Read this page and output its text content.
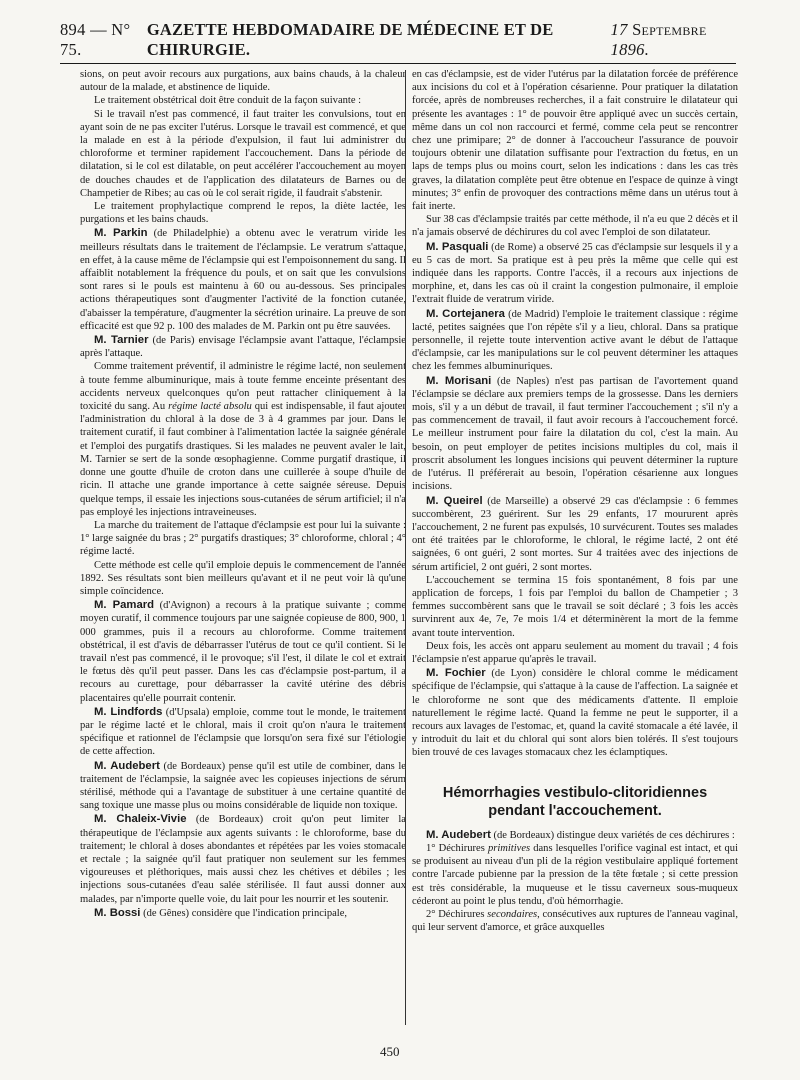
894 — N° 75.
GAZETTE HEBDOMADAIRE DE MÉDECINE ET DE CHIRURGIE.
17 Septembre 1896.

sions, on peut avoir recours aux purgations, aux bains chauds, à la chaleur autour de la malade, et abstinence de liquide.

Le traitement obstétrical doit être conduit de la façon suivante :

Si le travail n'est pas commencé, il faut traiter les convulsions, tout en ayant soin de ne pas exciter l'utérus. Lorsque le travail est commencé, et que la malade en est à la période d'expulsion, il faut lui administrer du chloroforme et terminer rapidement l'accouchement. Dans la période de dilatation, si le col est dilatable, on peut accélérer l'accouchement au moyen de douches chaudes et de l'application des dilatateurs de Barnes ou de Champetier de Ribes; au cas où le col serait rigide, il faudrait s'abstenir.

Le traitement prophylactique comprend le repos, la diète lactée, les purgations et les bains chauds.

M. Parkin (de Philadelphie) a obtenu avec le veratrum viride les meilleurs résultats dans le traitement de l'éclampsie. Le veratrum s'attaque, en effet, à la cause même de l'éclampsie qui est l'empoisonnement du sang. Il affaiblit notablement la fréquence du pouls, et on sait que les convulsions sont rares si le pouls est maintenu à 60 ou au-dessous. Ses principales actions thérapeutiques sont d'augmenter l'activité de la fonction cutanée, d'abaisser la température, d'augmenter la sécrétion urinaire. La preuve de son efficacité est que 92 p. 100 des malades de M. Parkin ont pu être sauvées.

M. Tarnier (de Paris) envisage l'éclampsie avant l'attaque, l'éclampsie après l'attaque.

Comme traitement préventif, il administre le régime lacté, non seulement à toute femme albuminurique, mais à toute femme enceinte présentant des accidents nerveux quelconques qu'on peut rattacher cliniquement à la toxicité du sang. Au régime lacté absolu qui est indispensable, il faut ajouter l'administration du chloral à la dose de 3 à 4 grammes par jour. Dans le traitement curatif, il faut combiner à l'alimentation lactée la saignée générale et l'emploi des purgatifs drastiques. Si les malades ne peuvent avaler le lait, M. Tarnier se sert de la sonde œsophagienne. Comme purgatif drastique, il donne une goutte d'huile de croton dans une cuillerée à soupe d'huile de ricin. Il attache une grande importance à cette saignée séreuse. Depuis quelque temps, il essaie les injections sous-cutanées de sérum artificiel; il n'a pas employé les injections intraveineuses.

La marche du traitement de l'attaque d'éclampsie est pour lui la suivante : 1° large saignée du bras ; 2° purgatifs drastiques; 3° chloroforme, chloral ; 4° régime lacté.

Cette méthode est celle qu'il emploie depuis le commencement de l'année 1892. Ses résultats sont bien meilleurs qu'avant et il ne peut voir là qu'une simple coïncidence.

M. Pamard (d'Avignon) a recours à la pratique suivante ; comme moyen curatif, il commence toujours par une saignée copieuse de 800, 900, 1 000 grammes, puis il a recours au chloroforme. Comme traitement obstétrical, il est d'avis de débarrasser l'utérus de tout ce qu'il contient. Si le travail n'est pas commencé, il le provoque; s'il l'est, il dilate le col et extrait le fœtus dès qu'il peut passer. Dans les cas d'éclampsie post-partum, il a recours au curettage, pour débarrasser la cavité utérine des débris placentaires qu'elle pourrait contenir.

M. Lindfords (d'Upsala) emploie, comme tout le monde, le traitement par le régime lacté et le chloral, mais il croit qu'on n'aura le traitement spécifique et rationnel de l'éclampsie que lorsqu'on sera fixé sur l'étiologie de cette affection.

M. Audebert (de Bordeaux) pense qu'il est utile de combiner, dans le traitement de l'éclampsie, la saignée avec les copieuses injections de sérum stérilisé, méthode qui a l'avantage de substituer à une certaine quantité de sang toxique une masse plus ou moins considérable de liquide non toxique.

M. Chaleix-Vivie (de Bordeaux) croit qu'on peut limiter la thérapeutique de l'éclampsie aux agents suivants : le chloroforme, base du traitement; le chloral à doses abondantes et répétées par les voies stomacale et rectale ; la saignée qu'il faut pratiquer non seulement sur les femmes vigoureuses et pléthoriques, mais aussi chez les chétives et débiles ; les injections sous-cutanées d'eau salée stérilisée. Il faut aussi donner aux malades, par n'importe quelle voie, du lait pour les nourrir et les soutenir.

M. Bossi (de Gênes) considère que l'indication principale,

en cas d'éclampsie, est de vider l'utérus par la dilatation forcée de préférence aux incisions du col et à l'opération césarienne. Pour pratiquer la dilatation forcée, après de nombreuses recherches, il a fait construire le dilatateur qui présente les avantages : 1° de pouvoir être appliqué avec un succès certain, même dans un col non raccourci et fermé, comme cela peut se rencontrer chez une primipare; 2° de donner à l'accoucheur l'assurance de pouvoir toujours obtenir une dilatation suffisante pour l'extraction du fœtus, en un laps de temps plus ou moins court, selon les indications : dans les cas très graves, la dilatation complète peut être obtenue en l'espace de quinze à vingt minutes; 3° enfin de provoquer des contractions même dans un utérus tout à fait inerte.

Sur 38 cas d'éclampsie traités par cette méthode, il n'a eu que 2 décès et il n'a jamais observé de déchirures du col avec l'emploi de son dilatateur.

M. Pasquali (de Rome) a observé 25 cas d'éclampsie sur lesquels il y a eu 5 cas de mort. Sa pratique est à peu près la même que celle qui est indiquée dans les rapports. Contre l'accès, il a recours aux injections de morphine, et, dans les cas où il craint la congestion pulmonaire, il emploie l'extrait fluide de veratrum viride.

M. Cortejanera (de Madrid) l'emploie le traitement classique : régime lacté, petites saignées que l'on répète s'il y a lieu, chloral. Dans sa pratique personnelle, il rejette toute intervention active avant le début de l'attaque d'éclampsie, car les manipulations sur le col peuvent déterminer les attaques chez les femmes albuminuriques.

M. Morisani (de Naples) n'est pas partisan de l'avortement quand l'éclampsie se déclare aux premiers temps de la grossesse. Dans les derniers mois, s'il y a un début de travail, il faut terminer l'accouchement ; s'il n'y a pas commencement de travail, il faut avoir recours à l'accouchement forcé. Le meilleur instrument pour faire la dilatation du col, c'est la main. Au besoin, on peut employer de petites incisions multiples du col, mais il proscrit absolument les longues incisions qui peuvent déterminer la rupture de l'utérus. Il préférerait au besoin, l'opération césarienne aux longues incisions.

M. Queirel (de Marseille) a observé 29 cas d'éclampsie : 6 femmes succombèrent, 23 guérirent. Sur les 29 enfants, 17 moururent après l'accouchement, 2 ne furent pas expulsés, 10 survécurent. Toutes ses malades ont été traitées par le chloroforme, le chloral, le régime lacté, 2 ont été saignées, 6 ont guéri, 2 sont mortes. Sur 4 traitées avec des injections de sérum artificiel, 2 ont guéri, 2 sont mortes.

L'accouchement se termina 15 fois spontanément, 8 fois par une application de forceps, 1 fois par l'emploi du ballon de Champetier ; 3 femmes succombèrent sans que le travail se soit déclaré ; 3 fois les accès survinrent aux 4e, 7e, 7e mois 1/4 et déterminèrent la mort de la femme avant toute intervention.

Deux fois, les accès ont apparu seulement au moment du travail ; 4 fois l'éclampsie n'est apparue qu'après le travail.

M. Fochier (de Lyon) considère le chloral comme le médicament spécifique de l'éclampsie, qui s'attaque à la cause de l'affection. La saignée et le chloroforme ne sont que des médicaments d'attente. Il emploie naturellement le régime lacté. Quand la femme ne peut le supporter, il a recours aux lavages de l'estomac, et, quand la cavité stomacale a été lavée, il y introduit du lait et du chloral qui sont alors bien tolérés. Il s'est toujours bien trouvé de ces lavages stomacaux chez les éclamptiques.

Hémorrhagies vestibulo-clitoridiennes
pendant l'accouchement.

M. Audebert (de Bordeaux) distingue deux variétés de ces déchirures :

1° Déchirures primitives dans lesquelles l'orifice vaginal est intact, et qui se produisent au niveau d'un pli de la région vestibulaire appliqué fortement contre l'arcade pubienne par la pression de la tête fœtale ; si cette pression est très considérable, la muqueuse et le tissu caverneux sous-muqueux céderont au point le plus tendu, d'où hémorrhagie.

2° Déchirures secondaires, consécutives aux ruptures de l'anneau vaginal, qui leur servent d'amorce, et grâce auxquelles

450
